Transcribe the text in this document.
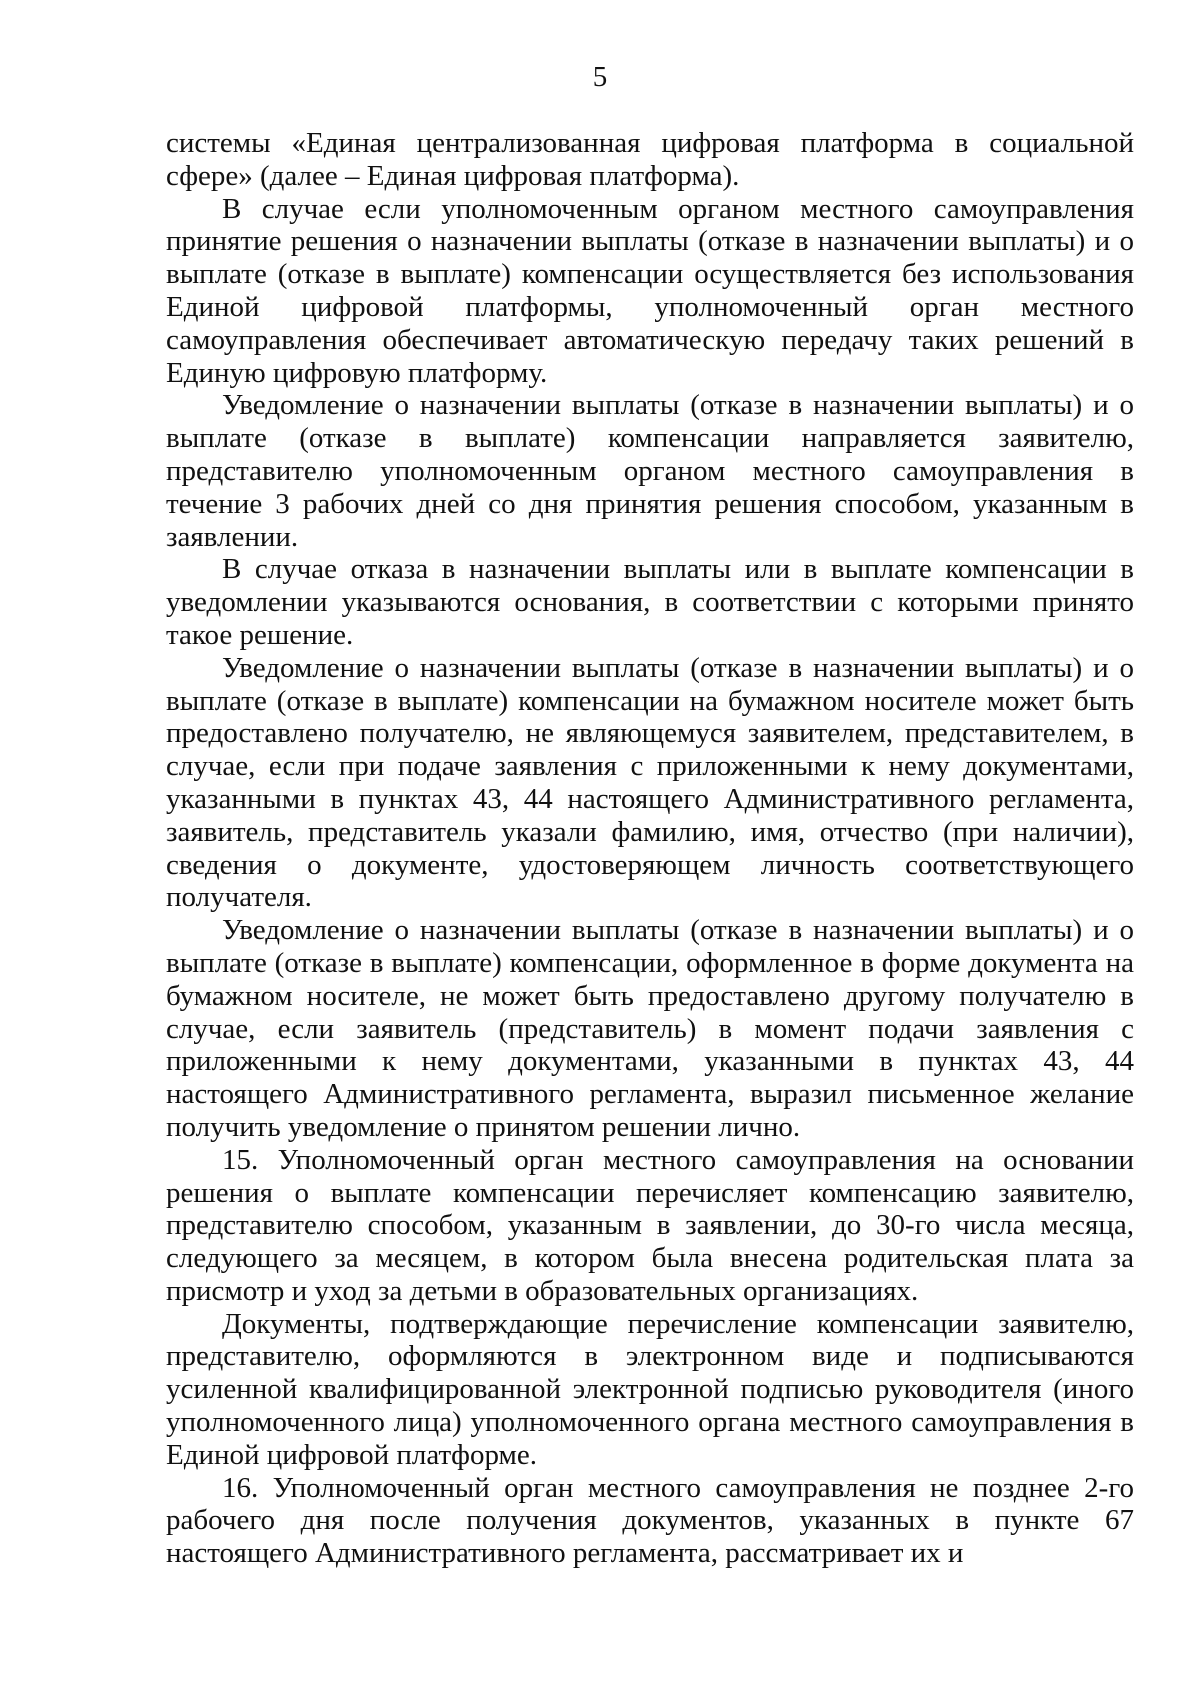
5

системы «Единая централизованная цифровая платформа в социальной сфере» (далее – Единая цифровая платформа).

В случае если уполномоченным органом местного самоуправления принятие решения о назначении выплаты (отказе в назначении выплаты) и о выплате (отказе в выплате) компенсации осуществляется без использования Единой цифровой платформы, уполномоченный орган местного самоуправления обеспечивает автоматическую передачу таких решений в Единую цифровую платформу.

Уведомление о назначении выплаты (отказе в назначении выплаты) и о выплате (отказе в выплате) компенсации направляется заявителю, представителю уполномоченным органом местного самоуправления в течение 3 рабочих дней со дня принятия решения способом, указанным в заявлении.

В случае отказа в назначении выплаты или в выплате компенсации в уведомлении указываются основания, в соответствии с которыми принято такое решение.

Уведомление о назначении выплаты (отказе в назначении выплаты) и о выплате (отказе в выплате) компенсации на бумажном носителе может быть предоставлено получателю, не являющемуся заявителем, представителем, в случае, если при подаче заявления с приложенными к нему документами, указанными в пунктах 43, 44 настоящего Административного регламента, заявитель, представитель указали фамилию, имя, отчество (при наличии), сведения о документе, удостоверяющем личность соответствующего получателя.

Уведомление о назначении выплаты (отказе в назначении выплаты) и о выплате (отказе в выплате) компенсации, оформленное в форме документа на бумажном носителе, не может быть предоставлено другому получателю в случае, если заявитель (представитель) в момент подачи заявления с приложенными к нему документами, указанными в пунктах 43, 44 настоящего Административного регламента, выразил письменное желание получить уведомление о принятом решении лично.

15. Уполномоченный орган местного самоуправления на основании решения о выплате компенсации перечисляет компенсацию заявителю, представителю способом, указанным в заявлении, до 30-го числа месяца, следующего за месяцем, в котором была внесена родительская плата за присмотр и уход за детьми в образовательных организациях.

Документы, подтверждающие перечисление компенсации заявителю, представителю, оформляются в электронном виде и подписываются усиленной квалифицированной электронной подписью руководителя (иного уполномоченного лица) уполномоченного органа местного самоуправления в Единой цифровой платформе.

16. Уполномоченный орган местного самоуправления не позднее 2-го рабочего дня после получения документов, указанных в пункте 67 настоящего Административного регламента, рассматривает их и
